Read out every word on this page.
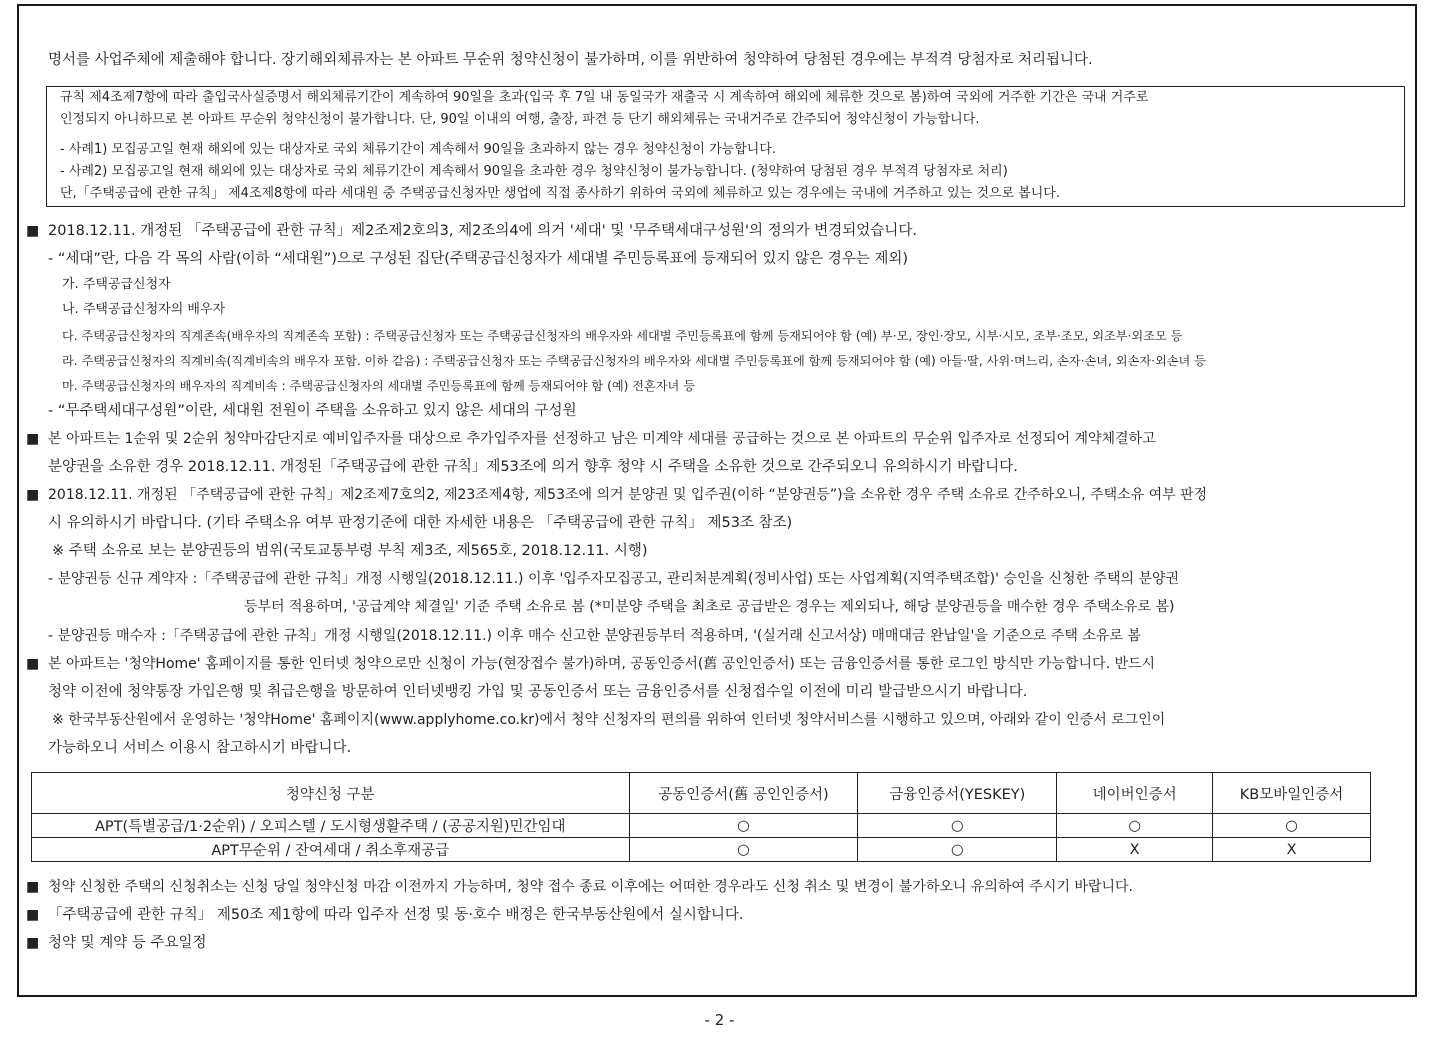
명서를 사업주체에 제출해야 합니다. 장기해외체류자는 본 아파트 무순위 청약신청이 불가하며, 이를 위반하여 청약하여 당첨된 경우에는 부적격 당첨자로 처리됩니다.
규칙 제4조제7항에 따라 출입국사실증명서 해외체류기간이 계속하여 90일을 초과(입국 후 7일 내 동일국가 재출국 시 계속하여 해외에 체류한 것으로 봄)하여 국외에 거주한 기간은 국내 거주로
인정되지 아니하므로 본 아파트 무순위 청약신청이 불가합니다. 단, 90일 이내의 여행, 출장, 파견 등 단기 해외체류는 국내거주로 간주되어 청약신청이 가능합니다.
- 사례1) 모집공고일 현재 해외에 있는 대상자로 국외 체류기간이 계속해서 90일을 초과하지 않는 경우 청약신청이 가능합니다.
- 사례2) 모집공고일 현재 해외에 있는 대상자로 국외 체류기간이 계속해서 90일을 초과한 경우 청약신청이 불가능합니다. (청약하여 당첨된 경우 부적격 당첨자로 처리)
단,「주택공급에 관한 규칙」 제4조제8항에 따라 세대원 중 주택공급신청자만 생업에 직접 종사하기 위하여 국외에 체류하고 있는 경우에는 국내에 거주하고 있는 것으로 봅니다.
■ 2018.12.11. 개정된 「주택공급에 관한 규칙」제2조제2호의3, 제2조의4에 의거 '세대' 및 '무주택세대구성원'의 정의가 변경되었습니다.
- “세대”란, 다음 각 목의 사람(이하 “세대원”)으로 구성된 집단(주택공급신청자가 세대별 주민등록표에 등재되어 있지 않은 경우는 제외)
가. 주택공급신청자
나. 주택공급신청자의 배우자
다. 주택공급신청자의 직계존속(배우자의 직계존속 포함) : 주택공급신청자 또는 주택공급신청자의 배우자와 세대별 주민등록표에 함께 등재되어야 함 (예) 부·모, 장인·장모, 시부·시모, 조부·조모, 외조부·외조모 등
라. 주택공급신청자의 직계비속(직계비속의 배우자 포함. 이하 같음) : 주택공급신청자 또는 주택공급신청자의 배우자와 세대별 주민등록표에 함께 등재되어야 함 (예) 아들·딸, 사위·며느리, 손자·손녀, 외손자·외손녀 등
마. 주택공급신청자의 배우자의 직계비속 : 주택공급신청자의 세대별 주민등록표에 함께 등재되어야 함 (예) 전혼자녀 등
- “무주택세대구성원”이란, 세대원 전원이 주택을 소유하고 있지 않은 세대의 구성원
■ 본 아파트는 1순위 및 2순위 청약마감단지로 예비입주자를 대상으로 추가입주자를 선정하고 남은 미계약 세대를 공급하는 것으로 본 아파트의 무순위 입주자로 선정되어 계약체결하고
분양권을 소유한 경우 2018.12.11. 개정된「주택공급에 관한 규칙」제53조에 의거 향후 청약 시 주택을 소유한 것으로 간주되오니 유의하시기 바랍니다.
■ 2018.12.11. 개정된 「주택공급에 관한 규칙」제2조제7호의2, 제23조제4항, 제53조에 의거 분양권 및 입주권(이하 “분양권등”)을 소유한 경우 주택 소유로 간주하오니, 주택소유 여부 판정
시 유의하시기 바랍니다. (기타 주택소유 여부 판정기준에 대한 자세한 내용은 「주택공급에 관한 규칙」 제53조 참조)
※ 주택 소유로 보는 분양권등의 범위(국토교통부령 부칙 제3조, 제565호, 2018.12.11. 시행)
- 분양권등 신규 계약자 :「주택공급에 관한 규칙」개정 시행일(2018.12.11.) 이후 '입주자모집공고, 관리처분계획(정비사업) 또는 사업계획(지역주택조합)' 승인을 신청한 주택의 분양권
등부터 적용하며, '공급계약 체결일' 기준 주택 소유로 봄 (*미분양 주택을 최초로 공급받은 경우는 제외되나, 해당 분양권등을 매수한 경우 주택소유로 봄)
- 분양권등 매수자 :「주택공급에 관한 규칙」개정 시행일(2018.12.11.) 이후 매수 신고한 분양권등부터 적용하며, '(실거래 신고서상) 매매대금 완납일'을 기준으로 주택 소유로 봄
■ 본 아파트는 '청약Home' 홈페이지를 통한 인터넷 청약으로만 신청이 가능(현장접수 불가)하며, 공동인증서(舊 공인인증서) 또는 금융인증서를 통한 로그인 방식만 가능합니다. 반드시
청약 이전에 청약통장 가입은행 및 취급은행을 방문하여 인터넷뱅킹 가입 및 공동인증서 또는 금융인증서를 신청접수일 이전에 미리 발급받으시기 바랍니다.
※ 한국부동산원에서 운영하는 '청약Home' 홈페이지(www.applyhome.co.kr)에서 청약 신청자의 편의를 위하여 인터넷 청약서비스를 시행하고 있으며, 아래와 같이 인증서 로그인이
가능하오니 서비스 이용시 참고하시기 바랍니다.
청약신청 구분	공동인증서(舊 공인인증서)	금융인증서(YESKEY)	네이버인증서	KB모바일인증서
APT(특별공급/1·2순위) / 오피스텔 / 도시형생활주택 / (공공지원)민간임대	○	○	○	○
APT무순위 / 잔여세대 / 취소후재공급	○	○	X	X
■ 청약 신청한 주택의 신청취소는 신청 당일 청약신청 마감 이전까지 가능하며, 청약 접수 종료 이후에는 어떠한 경우라도 신청 취소 및 변경이 불가하오니 유의하여 주시기 바랍니다.
■ 「주택공급에 관한 규칙」 제50조 제1항에 따라 입주자 선정 및 동·호수 배정은 한국부동산원에서 실시합니다.
■ 청약 및 계약 등 주요일정
- 2 -
